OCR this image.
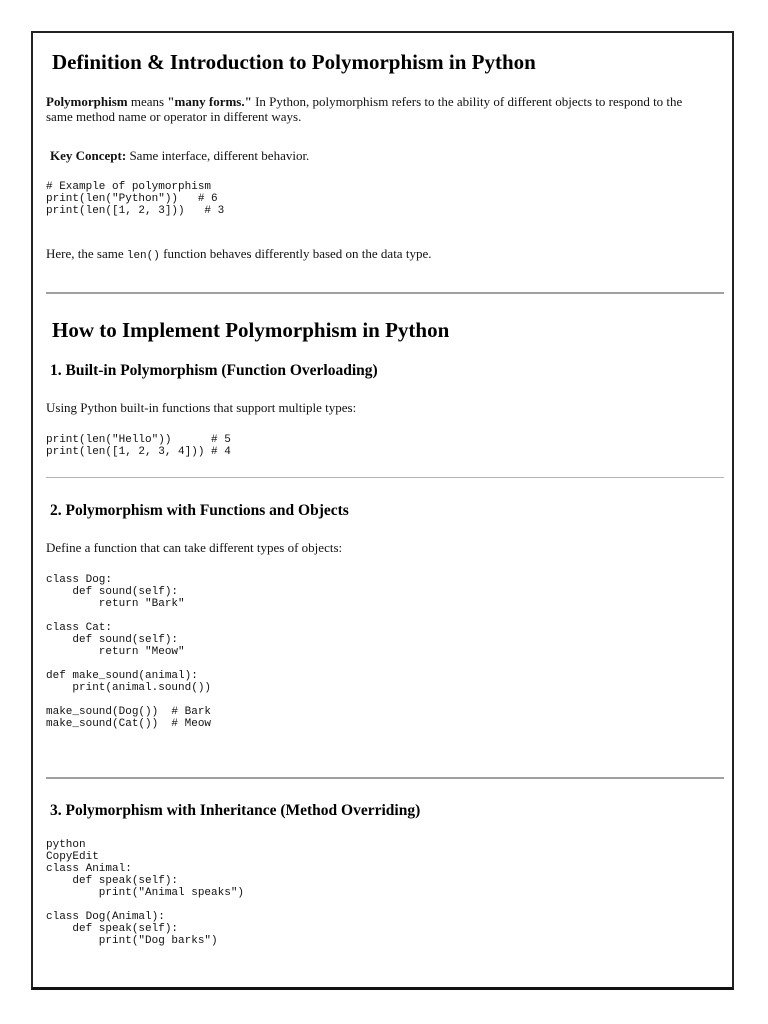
Definition & Introduction to Polymorphism in Python

Polymorphism means "many forms." In Python, polymorphism refers to the ability of different objects to respond to the same method name or operator in different ways.

Key Concept: Same interface, different behavior.

# Example of polymorphism
print(len("Python"))   # 6
print(len([1, 2, 3]))   # 3

Here, the same len() function behaves differently based on the data type.

How to Implement Polymorphism in Python
1. Built-in Polymorphism (Function Overloading)

Using Python built-in functions that support multiple types:

print(len("Hello"))      # 5
print(len([1, 2, 3, 4])) # 4
2. Polymorphism with Functions and Objects

Define a function that can take different types of objects:

class Dog:
def sound(self):
return "Bark"

class Cat:
def sound(self):
return "Meow"

def make_sound(animal):
print(animal.sound())

make_sound(Dog())  # Bark
make_sound(Cat())  # Meow
3. Polymorphism with Inheritance (Method Overriding)
python
CopyEdit
class Animal:
def speak(self):
print("Animal speaks")

class Dog(Animal):
def speak(self):
print("Dog barks")
